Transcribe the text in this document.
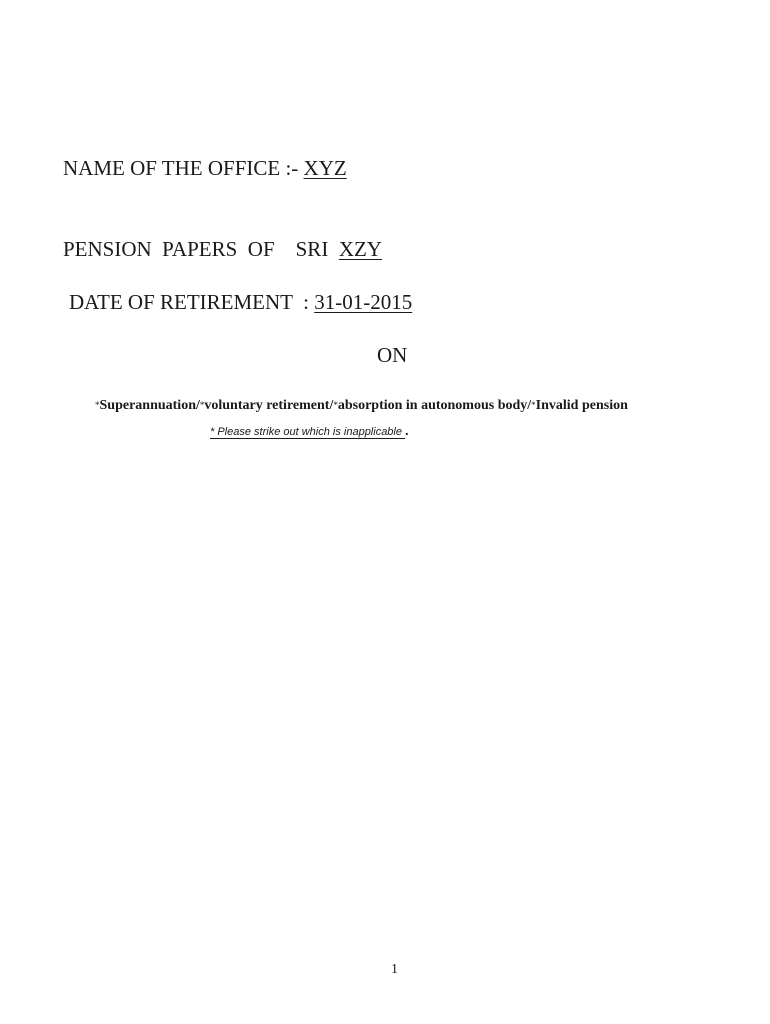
NAME OF THE OFFICE :- XYZ
PENSION  PAPERS  OF    SRI  XZY
DATE OF RETIREMENT  : 31-01-2015
ON
*Superannuation/*voluntary retirement/*absorption in autonomous body/*Invalid pension
* Please strike out which is inapplicable .
1
